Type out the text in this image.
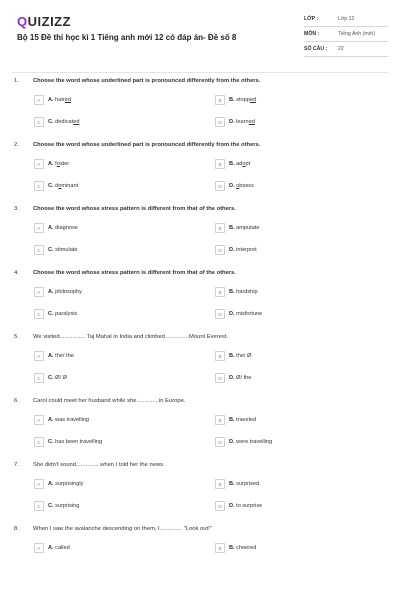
QUIZIZZ
Bộ 15 Đề thi học kì 1 Tiếng anh mới 12 có đáp án- Đề số 8
LỚP :	Lớp 12
MÔN :	Tiếng Anh (mới)
SỐ CÂU :	22
1.	Choose the word whose underlined part is pronounced differently from the others.
A	A. hatred	B	B. stopped
C	C. dedicated	D	D. learned
2.	Choose the word whose underlined part is pronounced differently from the others.
A	A. foster	B	B. adopt
C	C. dominant	D	D. obsess
3.	Choose the word whose stress pattern is different from that of the others.
A	A. diagnose	B	B. amputate
C	C. stimulate	D	D. interpret
4.	Choose the word whose stress pattern is different from that of the others.
A	A. philosophy	B	B. hardship
C	C. paralysis	D	D. misfortune
5.	We visited................ Taj Mahal in India and climbed...............Mount Everest.
A	A. the/ the	B	B. the/ Ø
C	C. Ø/ Ø	D	D. Ø/ the
6.	Carol could meet her husband while she..............in Europe.
A	A. was travelling	B	B. traveled
C	C. has been travelling	D	D. were travelling
7.	She didn't sound.............. when I told her the news.
A	A. surprisingly	B	B. surprised
C	C. surprising	D	D. to surprise
8.	When I saw the avalanche descending on them, I.............. "Look out!"
A	A. called	B	B. cheered
